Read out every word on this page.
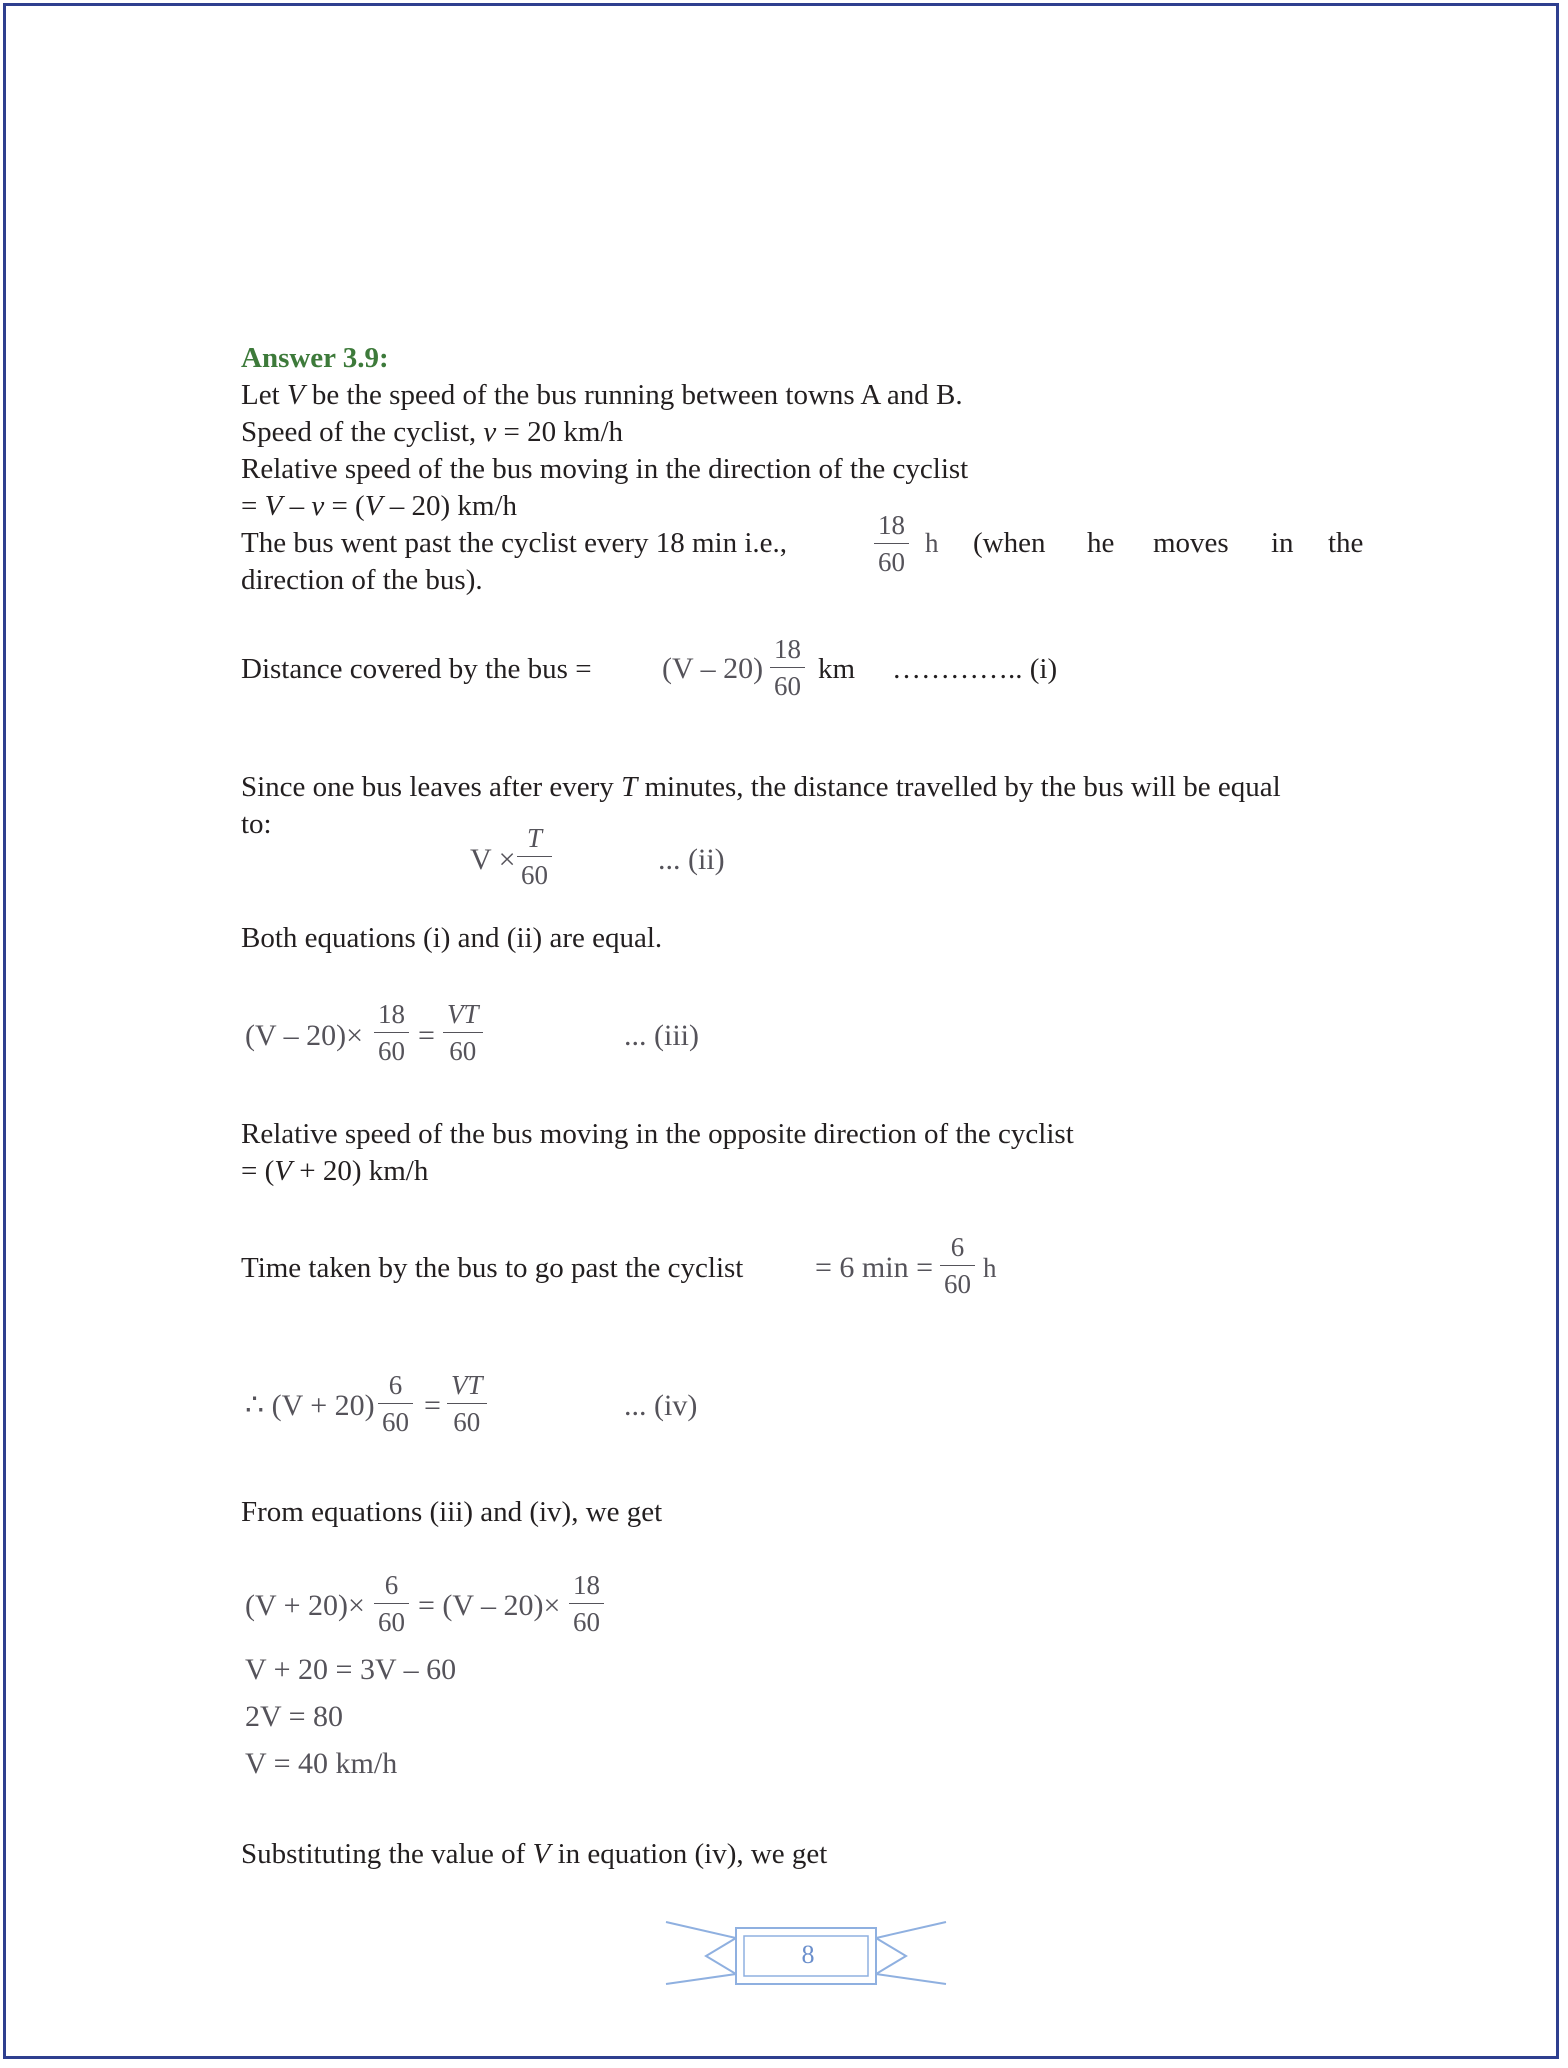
Answer 3.9:
Let V be the speed of the bus running between towns A and B.
Speed of the cyclist, v = 20 km/h
Relative speed of the bus moving in the direction of the cyclist
= V – v = (V – 20) km/h
The bus went past the cyclist every 18 min i.e.,
18
60
h (when he moves in the
direction of the bus).
Distance covered by the bus = (V – 20)
18
60
km ………….. (i)
Since one bus leaves after every T minutes, the distance travelled by the bus will be equal
to:
V ×
T
60	... (ii)
Both equations (i) and (ii) are equal.
(V – 20)×
18
60 =
VT
60	... (iii)
Relative speed of the bus moving in the opposite direction of the cyclist
= (V + 20) km/h
Time taken by the bus to go past the cyclist = 6 min =
6
60
h
∴ (V + 20)
6
60 =
VT
60	... (iv)
From equations (iii) and (iv), we get
(V + 20)×
6
60 = (V – 20)×
18
60
V + 20 = 3V – 60
2V = 80
V = 40 km/h
Substituting the value of V in equation (iv), we get
8
